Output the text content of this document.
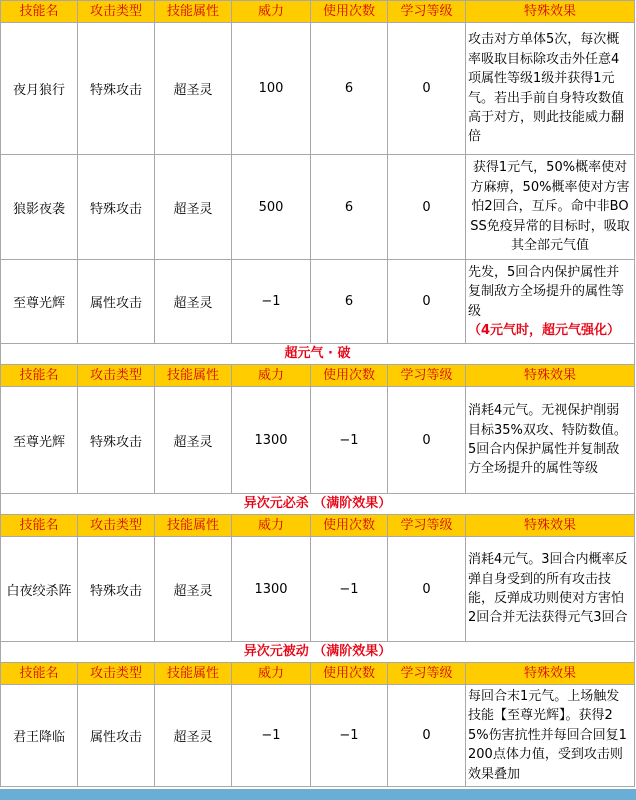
技能名	攻击类型	技能属性	威力	使用次数	学习等级	特殊效果
夜月狼行	特殊攻击	超圣灵	100	6	0	攻击对方单体5次，每次概率吸取目标除攻击外任意4项属性等级1级并获得1元气。若出手前自身特攻数值高于对方，则此技能威力翻倍
狼影夜袭	特殊攻击	超圣灵	500	6	0	获得1元气，50%概率使对方麻痹，50%概率使对方害怕2回合，互斥。命中非BOSS免疫异常的目标时，吸取其全部元气值
至尊光辉	属性攻击	超圣灵	−1	6	0	先发，5回合内保护属性并复制敌方全场提升的属性等级（4元气时，超元气强化）
超元气 · 破						
技能名	攻击类型	技能属性	威力	使用次数	学习等级	特殊效果
至尊光辉	特殊攻击	超圣灵	1300	−1	0	消耗4元气。无视保护削弱目标35%双攻、特防数值。5回合内保护属性并复制敌方全场提升的属性等级
异次元必杀 （满阶效果）						
技能名	攻击类型	技能属性	威力	使用次数	学习等级	特殊效果
白夜绞杀阵	特殊攻击	超圣灵	1300	−1	0	消耗4元气。3回合内概率反弹自身受到的所有攻击技能，反弹成功则使对方害怕2回合并无法获得元气3回合
异次元被动 （满阶效果）						
技能名	攻击类型	技能属性	威力	使用次数	学习等级	特殊效果
君王降临	属性攻击	超圣灵	−1	−1	0	每回合末1元气。上场触发技能【至尊光辉】。获得25%伤害抗性并每回合回复1200点体力值，受到攻击则效果叠加
